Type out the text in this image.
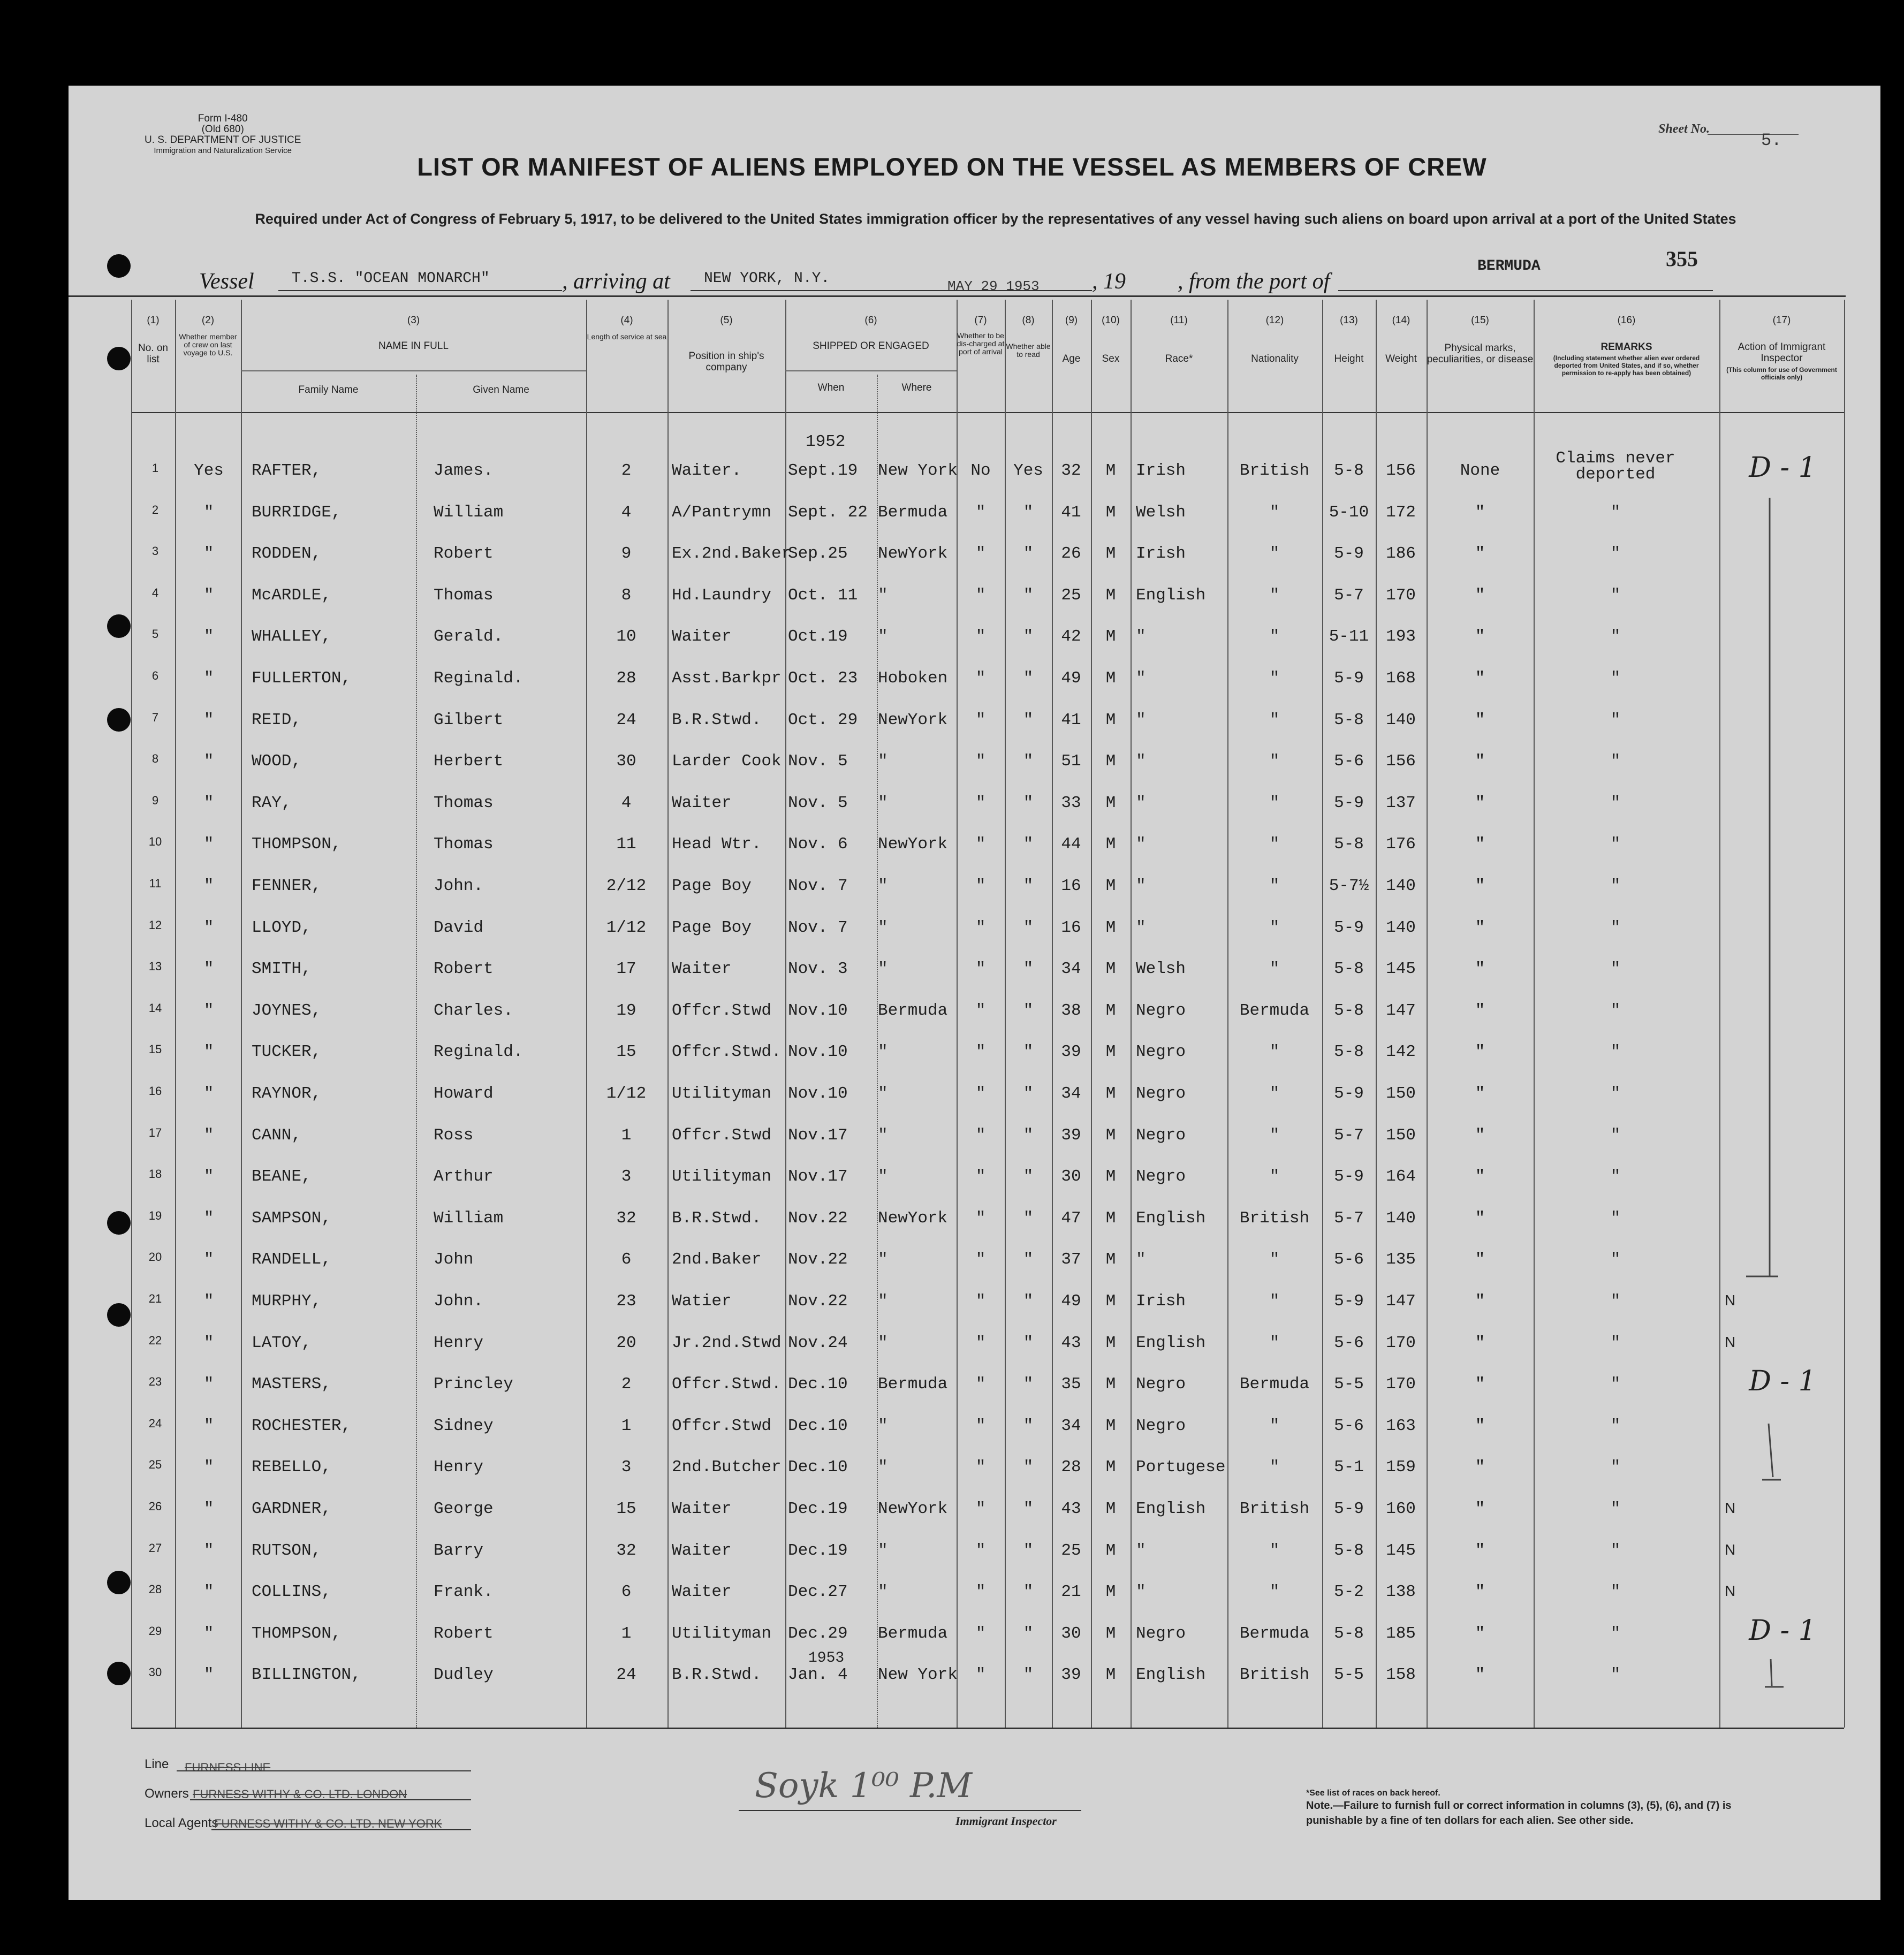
Form I-480
(Old 680)
U. S. DEPARTMENT OF JUSTICE
Immigration and Naturalization Service
LIST OR MANIFEST OF ALIENS EMPLOYED ON THE VESSEL AS MEMBERS OF CREW
Required under Act of Congress of February 5, 1917, to be delivered to the United States immigration officer by the representatives of any vessel having such aliens on board upon arrival at a port of the United States
Sheet No.
5.
355
Vessel	T.S.S. "OCEAN MONARCH"	, arriving at NEW YORK, N.Y.	MAY 29 1953 , 19 , from the port of
BERMUDA
(1)	(2)	(3)	(4)	(5)	(6)	(7)	(8)	(9)	(10)	(11)	(12)	(13)	(14)	(15)	(16)	(17)
No. on list
Whether member of crew on last voyage to U.S.
NAME IN FULL
Family Name	Given Name
Length of service at sea
Position in ship's company
SHIPPED OR ENGAGED
When	Where
Whether to be dis-charged at port of arrival
Whether able to read	Age	Sex	Race*	Nationality	Height	Weight
Physical marks, peculiarities, or disease
REMARKS
(Including statement whether alien ever ordered deported from United States, and if so, whether permission to re-apply has been obtained)
Action of Immigrant Inspector
(This column for use of Government officials only)
1952
1953
1	Yes	RAFTER,	James.	2	Waiter.	Sept.19 New York No	Yes	32	M	Irish	British	5-8	156	None
Claims never deported	D - 1
2	"	BURRIDGE,	William	4	A/Pantrymn Sept. 22 Bermuda	"	"	41	M	Welsh	"	5-10	172	"	"
3	"	RODDEN,	Robert	9	Ex.2nd.Baker
Sep.25 NewYork	"	"	26	M	Irish	"	5-9	186	"	"
4	"	McARDLE,	Thomas	8	Hd.Laundry Oct. 11 "	"	"	25	M	English	"	5-7	170	"	"
5	"	WHALLEY,	Gerald.	10	Waiter	Oct.19 "	"	"	42	M	"	"	5-11	193	"	"
6	"	FULLERTON,	Reginald.	28	Asst.Barkpr Oct. 23 Hoboken	"	"	49	M	"	"	5-9	168	"	"
7	"	REID,	Gilbert	24	B.R.Stwd. Oct. 29 NewYork	"	"	41	M	"	"	5-8	140	"	"
8	"	WOOD,	Herbert	30	Larder Cook Nov. 5 "	"	"	51	M	"	"	5-6	156	"	"
9	"	RAY,	Thomas	4	Waiter	Nov. 5 "	"	"	33	M	"	"	5-9	137	"	"
10	"	THOMPSON,	Thomas	11	Head Wtr. Nov. 6 NewYork	"	"	44	M	"	"	5-8	176	"	"
11	"	FENNER,	John.	2/12	Page Boy Nov. 7 "	"	"	16	M	"	"	5-7½	140	"	"
12	"	LLOYD,	David	1/12	Page Boy Nov. 7 "	"	"	16	M	"	"	5-9	140	"	"
13	"	SMITH,	Robert	17	Waiter	Nov. 3 "	"	"	34	M	Welsh	"	5-8	145	"	"
14	"	JOYNES,	Charles.	19	Offcr.Stwd Nov.10 Bermuda	"	"	38	M	Negro	Bermuda	5-8	147	"	"
15	"	TUCKER,	Reginald.	15	Offcr.Stwd. Nov.10 "	"	"	39	M	Negro	"	5-8	142	"	"
16	"	RAYNOR,	Howard	1/12	Utilityman Nov.10 "	"	"	34	M	Negro	"	5-9	150	"	"
17	"	CANN,	Ross	1	Offcr.Stwd Nov.17 "	"	"	39	M	Negro	"	5-7	150	"	"
18	"	BEANE,	Arthur	3	Utilityman Nov.17 "	"	"	30	M	Negro	"	5-9	164	"	"
19	"	SAMPSON,	William	32	B.R.Stwd. Nov.22 NewYork	"	"	47	M	English	British	5-7	140	"	"
20	"	RANDELL,	John	6	2nd.Baker Nov.22 "	"	"	37	M	"	"	5-6	135	"	"
21	"	MURPHY,	John.	23	Watier	Nov.22 "	"	"	49	M	Irish	"	5-9	147	"	"	N
22	"	LATOY,	Henry	20	Jr.2nd.Stwd Nov.24 "	"	"	43	M	English	"	5-6	170	"	"	N
23	"	MASTERS,	Princley	2	Offcr.Stwd. Dec.10 Bermuda	"	"	35	M	Negro	Bermuda	5-5	170	"	"	D - 1
24	"	ROCHESTER,	Sidney	1	Offcr.Stwd Dec.10 "	"	"	34	M	Negro	"	5-6	163	"	"
25	"	REBELLO,	Henry	3	2nd.Butcher Dec.10 "	"	"	28	M	Portugese	"	5-1	159	"	"
26	"	GARDNER,	George	15	Waiter	Dec.19 NewYork	"	"	43	M	English	British	5-9	160	"	"	N
27	"	RUTSON,	Barry	32	Waiter	Dec.19 "	"	"	25	M	"	"	5-8	145	"	"	N
28	"	COLLINS,	Frank.	6	Waiter	Dec.27 "	"	"	21	M	"	"	5-2	138	"	"	N
29	"	THOMPSON,	Robert	1	Utilityman Dec.29 Bermuda	"	"	30	M	Negro	Bermuda	5-8	185	"	"	D - 1
30	"	BILLINGTON,	Dudley	24	B.R.Stwd. Jan. 4 New York	"	"	39	M	English	British	5-5	158	"	"
Line FURNESS LINE
Owners FURNESS WITHY & CO. LTD. LONDON
Local Agents
FURNESS WITHY & CO. LTD. NEW YORK
Soyk 1⁰⁰ P.M
Immigrant Inspector
*See list of races on back hereof.
Note.—Failure to furnish full or correct information in columns (3), (5), (6), and (7) is punishable by a fine of ten dollars for each alien. See other side.
